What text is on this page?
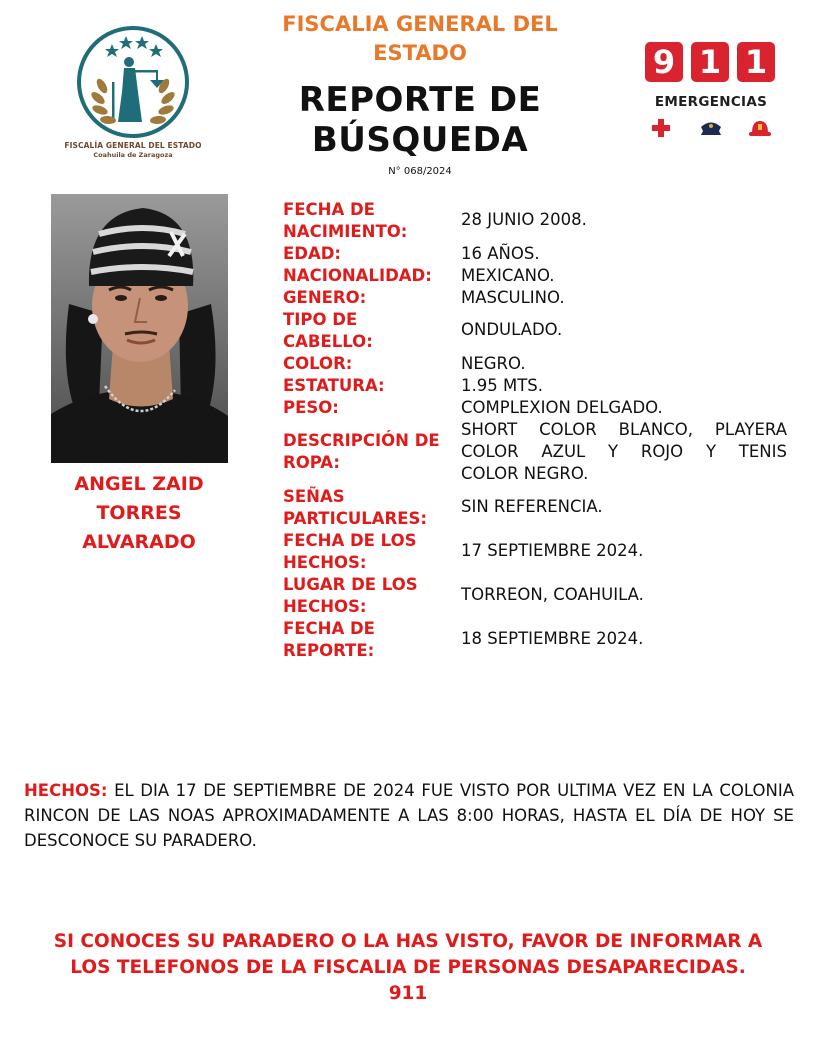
FISCALÍA GENERAL DEL ESTADO
Coahuila de Zaragoza
FISCALIA GENERAL DEL ESTADO
REPORTE DE BÚSQUEDA
N° 068/2024
9 1 1
EMERGENCIAS
ANGEL ZAID
TORRES
ALVARADO
FECHA DE
NACIMIENTO:
28 JUNIO 2008.
EDAD:	16 AÑOS.
NACIONALIDAD:	MEXICANO.
GENERO:	MASCULINO.
TIPO DE
CABELLO:
ONDULADO.
COLOR:	NEGRO.
ESTATURA:	1.95 MTS.
PESO:	COMPLEXION DELGADO.
DESCRIPCIÓN DE
ROPA:
SHORT COLOR BLANCO, PLAYERA
COLOR AZUL Y ROJO Y TENIS
COLOR NEGRO.
SEÑAS
PARTICULARES:
SIN REFERENCIA.
FECHA DE LOS
HECHOS:
17 SEPTIEMBRE 2024.
LUGAR DE LOS
HECHOS:
TORREON, COAHUILA.
FECHA DE
REPORTE:
18 SEPTIEMBRE 2024.
HECHOS: EL DIA 17 DE SEPTIEMBRE DE 2024 FUE VISTO POR ULTIMA VEZ EN LA COLONIA RINCON DE LAS NOAS APROXIMADAMENTE A LAS 8:00 HORAS, HASTA EL DÍA DE HOY SE DESCONOCE SU PARADERO.
SI CONOCES SU PARADERO O LA HAS VISTO, FAVOR DE INFORMAR A
LOS TELEFONOS DE LA FISCALIA DE PERSONAS DESAPARECIDAS.
911
